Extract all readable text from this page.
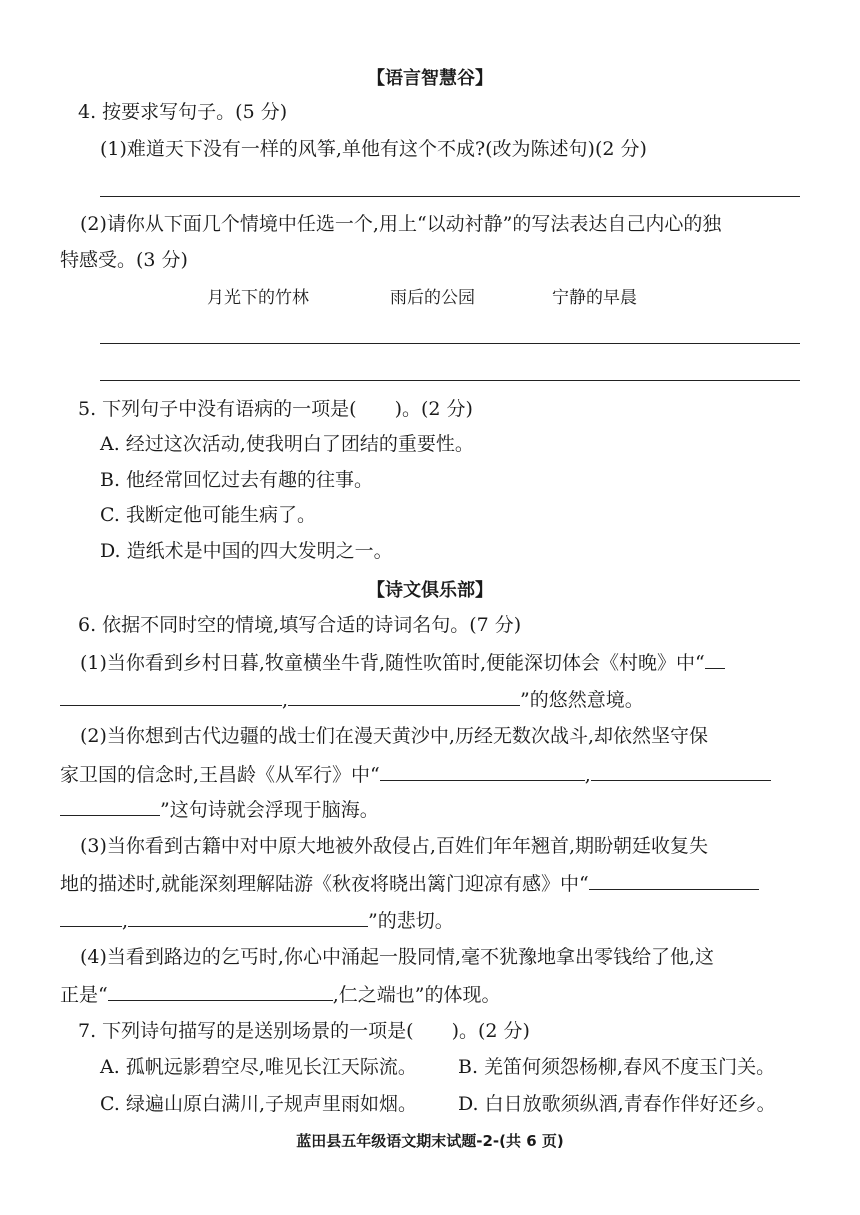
【语言智慧谷】
4. 按要求写句子。(5 分)
(1)难道天下没有一样的风筝,单他有这个不成?(改为陈述句)(2 分)
(2)请你从下面几个情境中任选一个,用上“以动衬静”的写法表达自己内心的独
特感受。(3 分)
月光下的竹林	雨后的公园	宁静的早晨
5. 下列句子中没有语病的一项是(　　)。(2 分)
A. 经过这次活动,使我明白了团结的重要性。
B. 他经常回忆过去有趣的往事。
C. 我断定他可能生病了。
D. 造纸术是中国的四大发明之一。
【诗文俱乐部】
6. 依据不同时空的情境,填写合适的诗词名句。(7 分)
(1)当你看到乡村日暮,牧童横坐牛背,随性吹笛时,便能深切体会《村晚》中“
,	”的悠然意境。
(2)当你想到古代边疆的战士们在漫天黄沙中,历经无数次战斗,却依然坚守保
家卫国的信念时,王昌龄《从军行》中“	,
”这句诗就会浮现于脑海。
(3)当你看到古籍中对中原大地被外敌侵占,百姓们年年翘首,期盼朝廷收复失
地的描述时,就能深刻理解陆游《秋夜将晓出篱门迎凉有感》中“
,	”的悲切。
(4)当看到路边的乞丐时,你心中涌起一股同情,毫不犹豫地拿出零钱给了他,这
正是“	,仁之端也”的体现。
7. 下列诗句描写的是送别场景的一项是(　　)。(2 分)
A. 孤帆远影碧空尽,唯见长江天际流。 B. 羌笛何须怨杨柳,春风不度玉门关。
C. 绿遍山原白满川,子规声里雨如烟。 D. 白日放歌须纵酒,青春作伴好还乡。
蓝田县五年级语文期末试题-2-(共 6 页)
